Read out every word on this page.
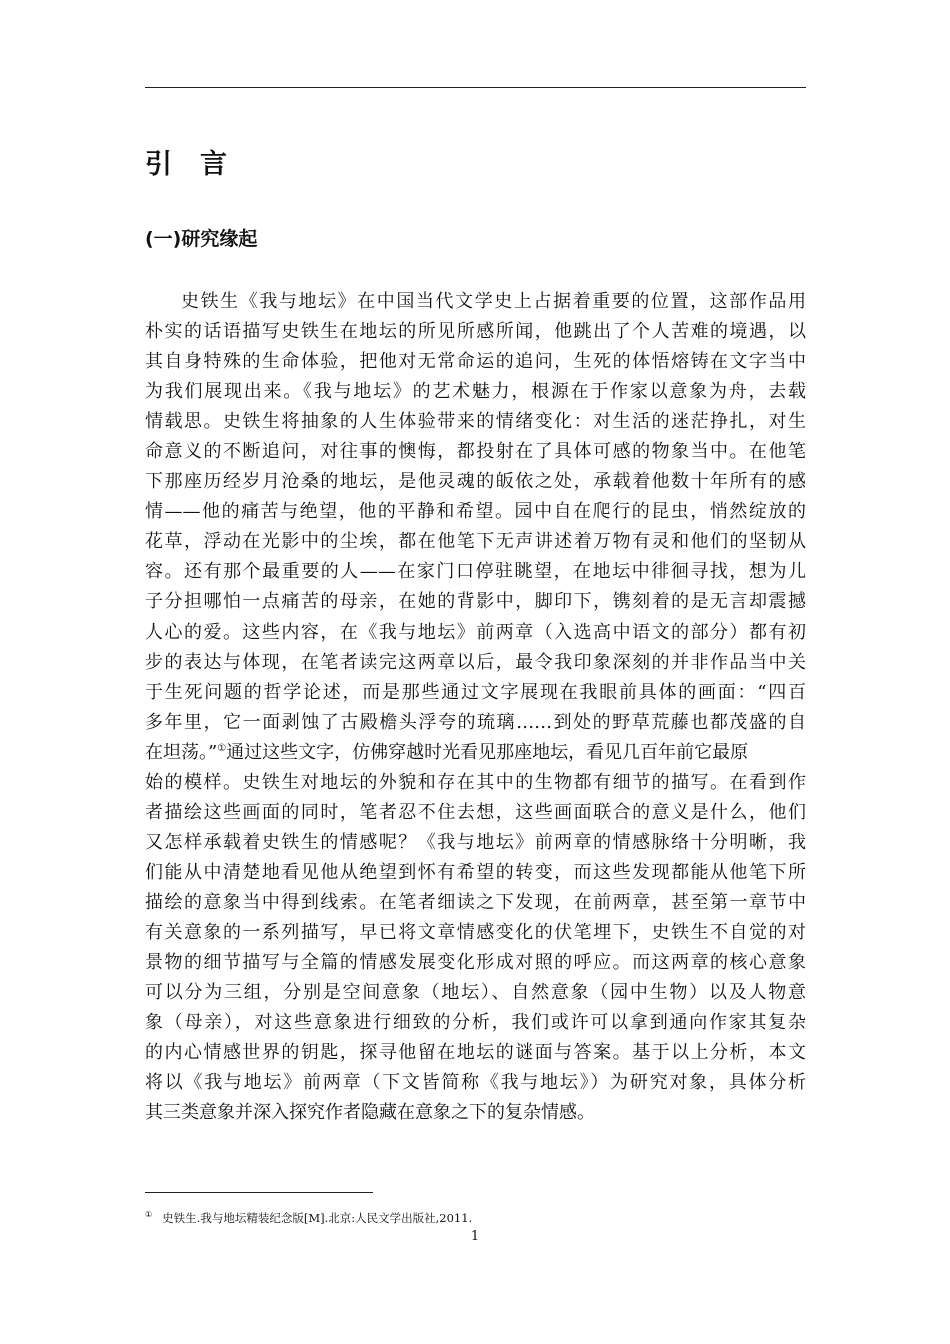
引言
(一)研究缘起
史铁生《我与地坛》在中国当代文学史上占据着重要的位置，这部作品用
朴实的话语描写史铁生在地坛的所见所感所闻，他跳出了个人苦难的境遇，以
其自身特殊的生命体验，把他对无常命运的追问，生死的体悟熔铸在文字当中
为我们展现出来。《我与地坛》的艺术魅力，根源在于作家以意象为舟，去载
情载思。史铁生将抽象的人生体验带来的情绪变化：对生活的迷茫挣扎，对生
命意义的不断追问，对往事的懊悔，都投射在了具体可感的物象当中。在他笔
下那座历经岁月沧桑的地坛，是他灵魂的皈依之处，承载着他数十年所有的感
情——他的痛苦与绝望，他的平静和希望。园中自在爬行的昆虫，悄然绽放的
花草，浮动在光影中的尘埃，都在他笔下无声讲述着万物有灵和他们的坚韧从
容。还有那个最重要的人——在家门口停驻眺望，在地坛中徘徊寻找，想为儿
子分担哪怕一点痛苦的母亲，在她的背影中，脚印下，镌刻着的是无言却震撼
人心的爱。这些内容，在《我与地坛》前两章（入选高中语文的部分）都有初
步的表达与体现，在笔者读完这两章以后，最令我印象深刻的并非作品当中关
于生死问题的哲学论述，而是那些通过文字展现在我眼前具体的画面：“四百
多年里，它一面剥蚀了古殿檐头浮夸的琉璃……到处的野草荒藤也都茂盛的自
在坦荡。”①通过这些文字，仿佛穿越时光看见那座地坛，看见几百年前它最原
始的模样。史铁生对地坛的外貌和存在其中的生物都有细节的描写。在看到作
者描绘这些画面的同时，笔者忍不住去想，这些画面联合的意义是什么，他们
又怎样承载着史铁生的情感呢？《我与地坛》前两章的情感脉络十分明晰，我
们能从中清楚地看见他从绝望到怀有希望的转变，而这些发现都能从他笔下所
描绘的意象当中得到线索。在笔者细读之下发现，在前两章，甚至第一章节中
有关意象的一系列描写，早已将文章情感变化的伏笔埋下，史铁生不自觉的对
景物的细节描写与全篇的情感发展变化形成对照的呼应。而这两章的核心意象
可以分为三组，分别是空间意象（地坛）、自然意象（园中生物）以及人物意
象（母亲），对这些意象进行细致的分析，我们或许可以拿到通向作家其复杂
的内心情感世界的钥匙，探寻他留在地坛的谜面与答案。基于以上分析，本文
将以《我与地坛》前两章（下文皆简称《我与地坛》）为研究对象，具体分析
其三类意象并深入探究作者隐藏在意象之下的复杂情感。
① 史铁生.我与地坛精装纪念版[M].北京:人民文学出版社,2011.
1
